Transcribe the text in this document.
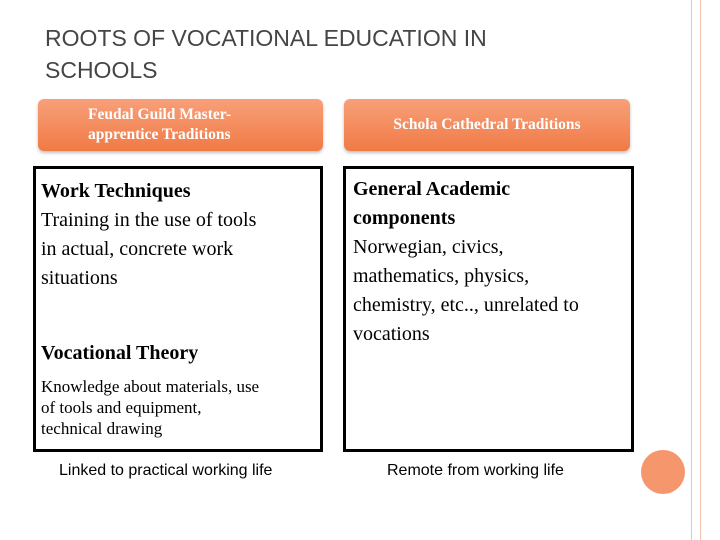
ROOTS OF VOCATIONAL EDUCATION IN
SCHOOLS
Feudal Guild Master-
apprentice Traditions
Schola Cathedral Traditions
Work Techniques
Training in the use of tools
in actual, concrete work
situations
Vocational Theory
Knowledge about materials, use
of tools and equipment,
technical drawing
General Academic
components
Norwegian, civics,
mathematics, physics,
chemistry, etc.., unrelated to
vocations
Linked to practical working life	Remote from working life
